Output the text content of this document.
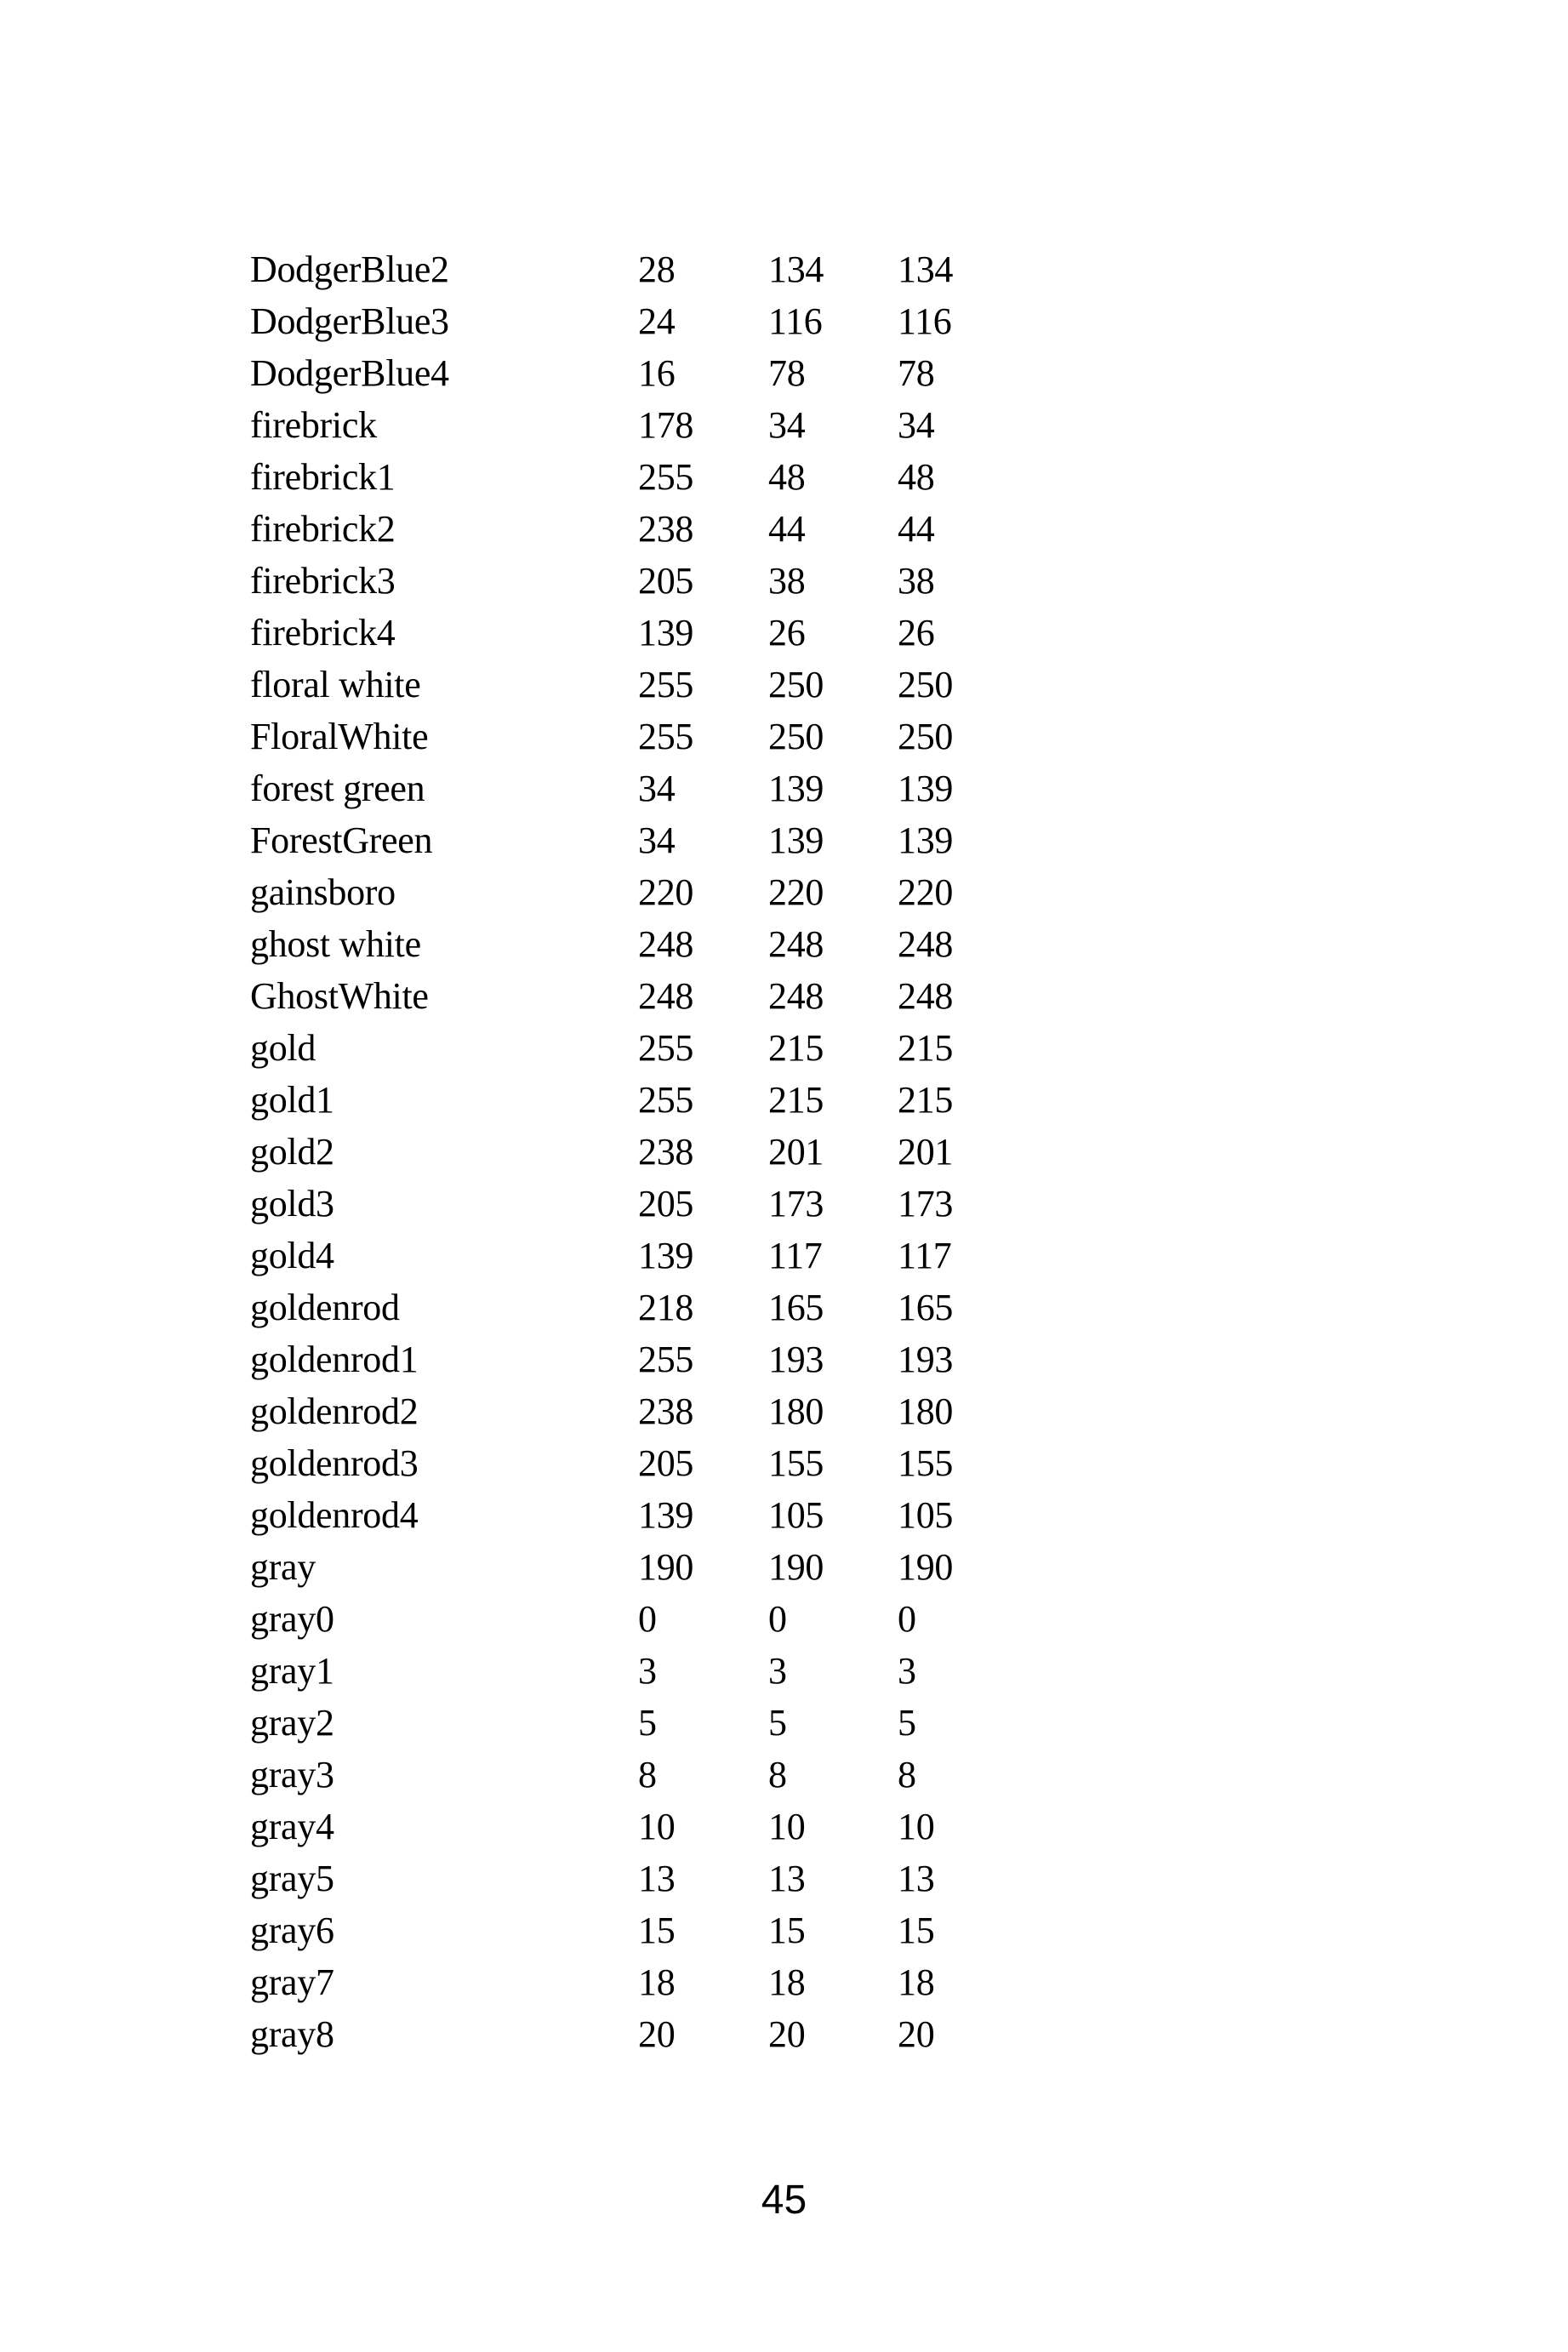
DodgerBlue2	28	134	134
DodgerBlue3	24	116	116
DodgerBlue4	16	78	78
firebrick	178	34	34
firebrick1	255	48	48
firebrick2	238	44	44
firebrick3	205	38	38
firebrick4	139	26	26
floral white	255	250	250
FloralWhite	255	250	250
forest green	34	139	139
ForestGreen	34	139	139
gainsboro	220	220	220
ghost white	248	248	248
GhostWhite	248	248	248
gold	255	215	215
gold1	255	215	215
gold2	238	201	201
gold3	205	173	173
gold4	139	117	117
goldenrod	218	165	165
goldenrod1	255	193	193
goldenrod2	238	180	180
goldenrod3	205	155	155
goldenrod4	139	105	105
gray	190	190	190
gray0	0	0	0
gray1	3	3	3
gray2	5	5	5
gray3	8	8	8
gray4	10	10	10
gray5	13	13	13
gray6	15	15	15
gray7	18	18	18
gray8	20	20	20
45
